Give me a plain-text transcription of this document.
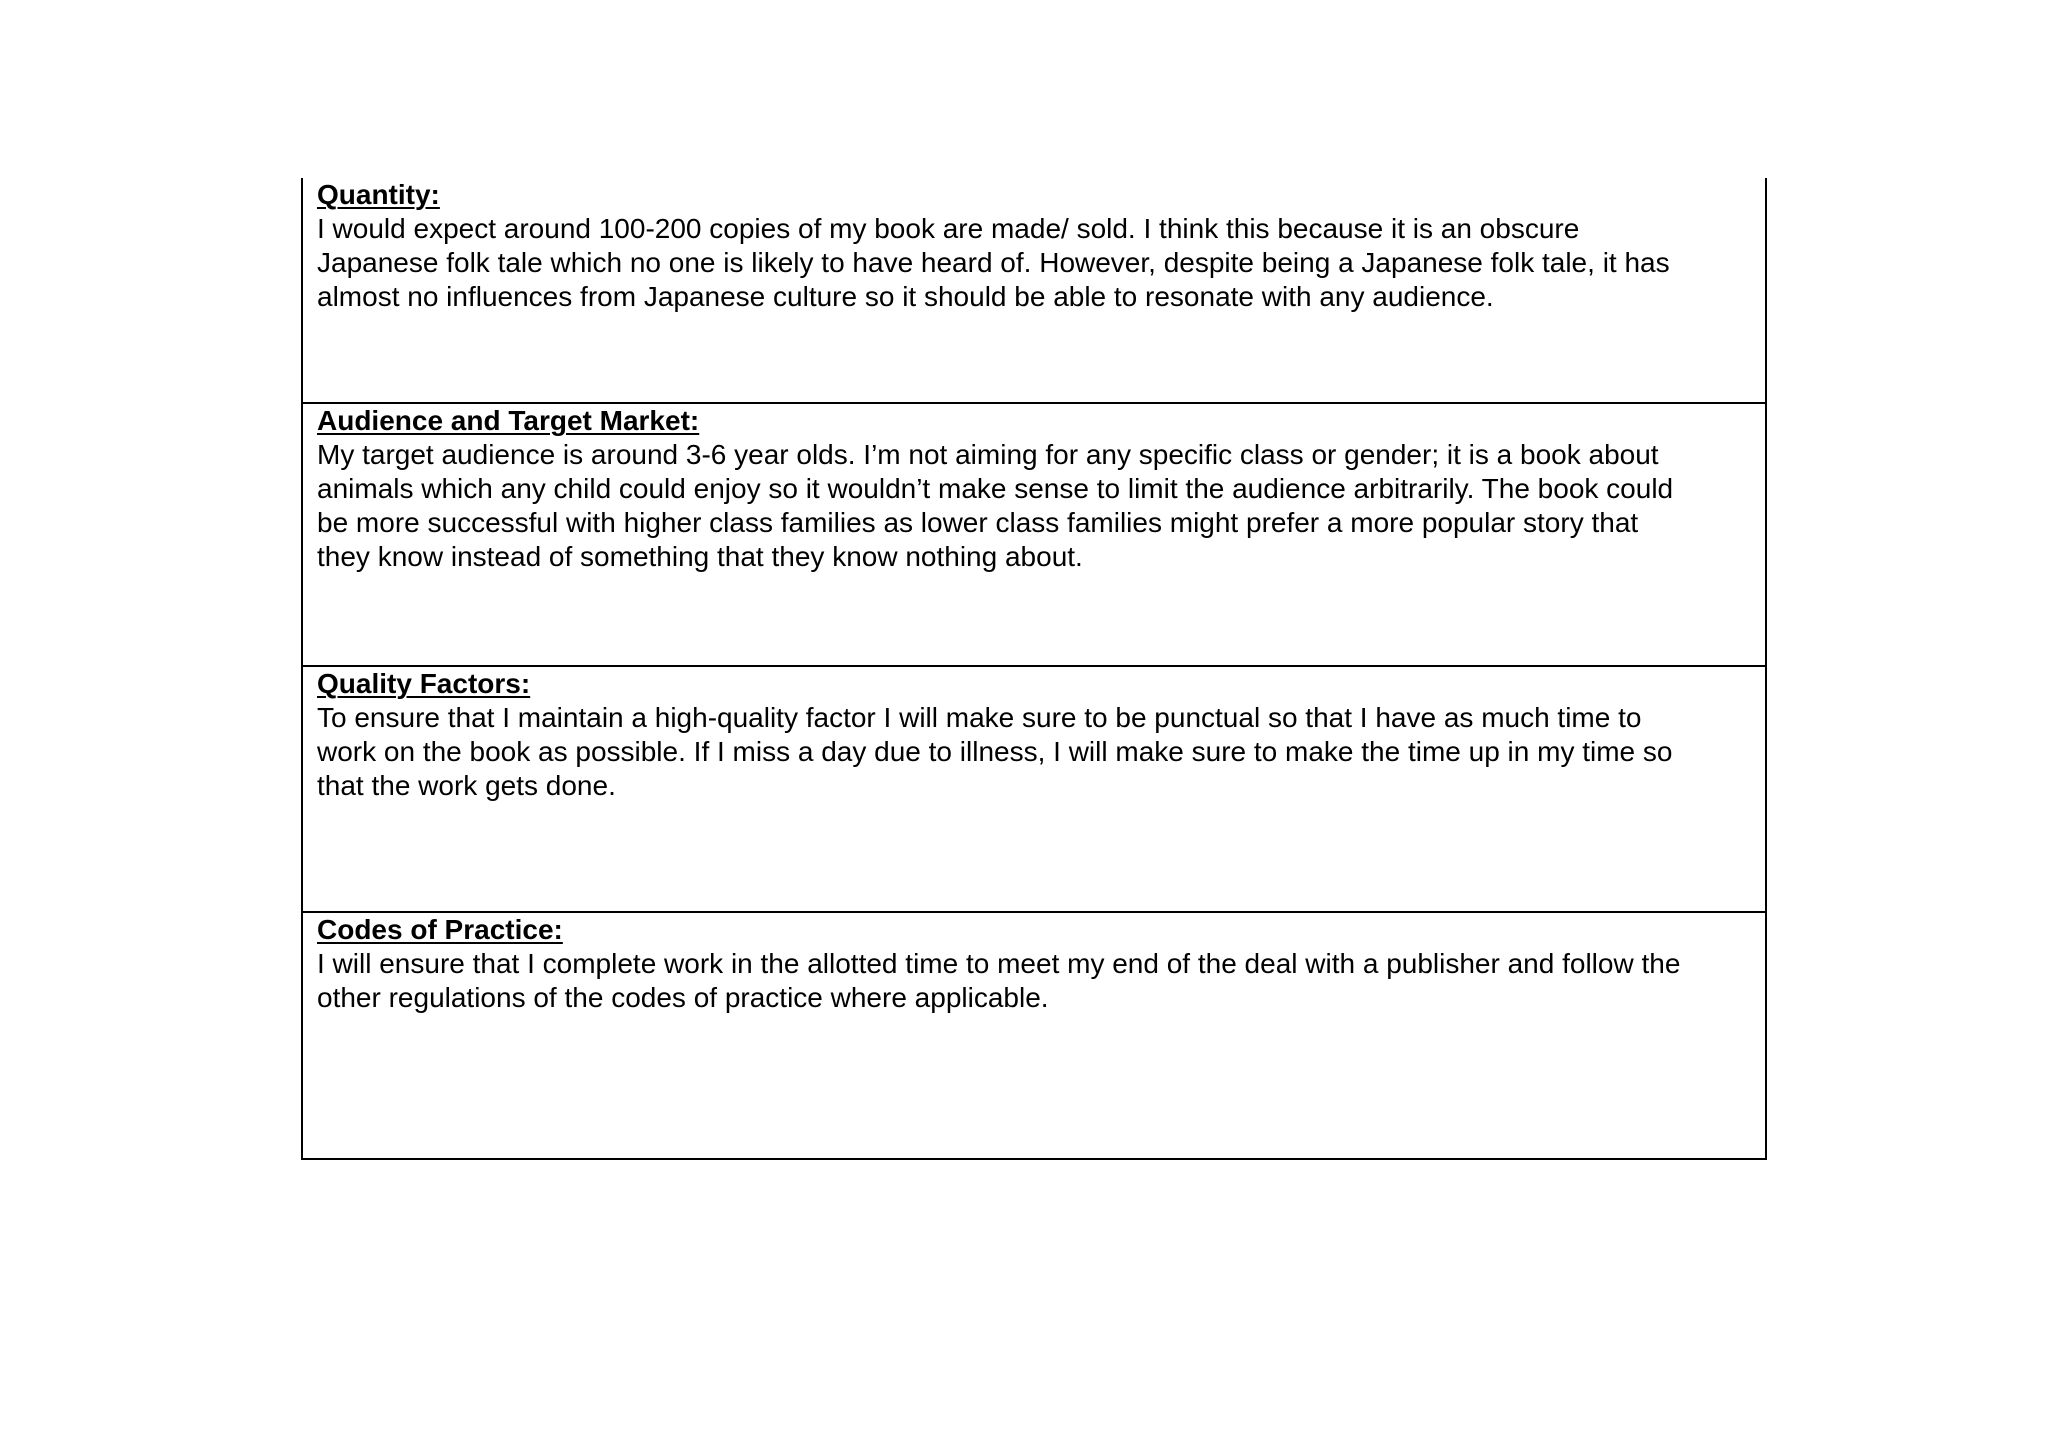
Quantity:
I would expect around 100-200 copies of my book are made/ sold. I think this because it is an obscure
Japanese folk tale which no one is likely to have heard of. However, despite being a Japanese folk tale, it has
almost no influences from Japanese culture so it should be able to resonate with any audience.
Audience and Target Market:
My target audience is around 3-6 year olds. I’m not aiming for any specific class or gender; it is a book about
animals which any child could enjoy so it wouldn’t make sense to limit the audience arbitrarily. The book could
be more successful with higher class families as lower class families might prefer a more popular story that
they know instead of something that they know nothing about.
Quality Factors:
To ensure that I maintain a high-quality factor I will make sure to be punctual so that I have as much time to
work on the book as possible. If I miss a day due to illness, I will make sure to make the time up in my time so
that the work gets done.
Codes of Practice:
I will ensure that I complete work in the allotted time to meet my end of the deal with a publisher and follow the
other regulations of the codes of practice where applicable.
